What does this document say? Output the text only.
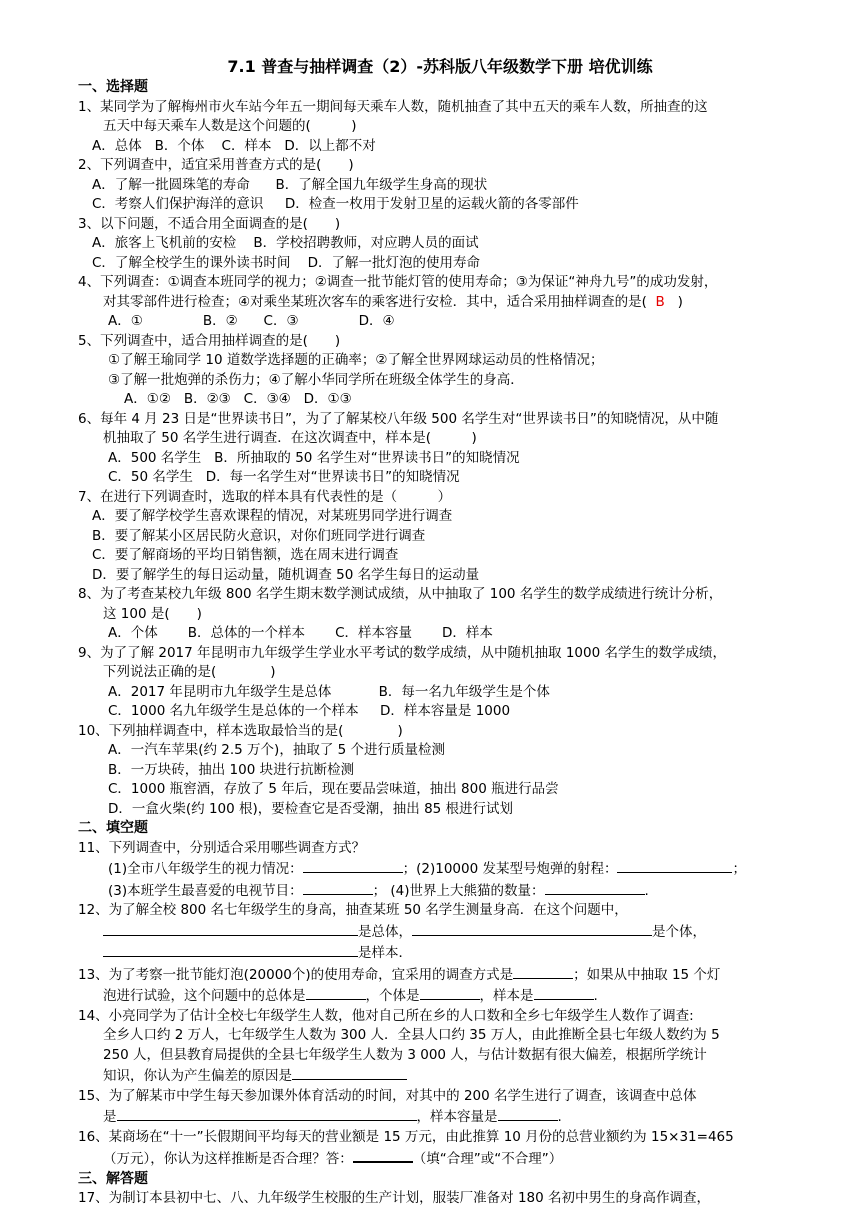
7.1 普查与抽样调查（2）-苏科版八年级数学下册 培优训练
一、选择题
1、某同学为了解梅州市火车站今年五一期间每天乘车人数，随机抽查了其中五天的乘车人数，所抽查的这
五天中每天乘车人数是这个问题的(　　　)
A．总体   B．个体    C．样本   D．以上都不对
2、下列调查中，适宜采用普查方式的是(　　)
A．了解一批圆珠笔的寿命      B．了解全国九年级学生身高的现状
C．考察人们保护海洋的意识     D．检查一枚用于发射卫星的运载火箭的各零部件
3、以下问题，不适合用全面调查的是(　　)
A．旅客上飞机前的安检    B．学校招聘教师，对应聘人员的面试
C．了解全校学生的课外读书时间    D．了解一批灯泡的使用寿命
4、下列调查：①调查本班同学的视力；②调查一批节能灯管的使用寿命；③为保证“神舟九号”的成功发射，
对其零部件进行检查；④对乘坐某班次客车的乘客进行安检．其中，适合采用抽样调查的是(  B   )
A．①              B．②      C．③              D．④
5、下列调查中，适合用抽样调查的是(　　)
①了解王瑜同学 10 道数学选择题的正确率；②了解全世界网球运动员的性格情况；
③了解一批炮弹的杀伤力；④了解小华同学所在班级全体学生的身高．
A．①②   B．②③   C．③④   D．①③
6、每年 4 月 23 日是“世界读书日”，为了了解某校八年级 500 名学生对“世界读书日”的知晓情况，从中随
机抽取了 50 名学生进行调查．在这次调查中，样本是(　　　)
A．500 名学生   B．所抽取的 50 名学生对“世界读书日”的知晓情况
C．50 名学生   D．每一名学生对“世界读书日”的知晓情况
7、在进行下列调查时，选取的样本具有代表性的是（　　　）
A．要了解学校学生喜欢课程的情况，对某班男同学进行调查
B．要了解某小区居民防火意识，对你们班同学进行调查
C．要了解商场的平均日销售额，选在周末进行调查
D．要了解学生的每日运动量，随机调查 50 名学生每日的运动量
8、为了考查某校九年级 800 名学生期末数学测试成绩，从中抽取了 100 名学生的数学成绩进行统计分析，
这 100 是(　　)
A．个体       B．总体的一个样本       C．样本容量       D．样本
9、为了了解 2017 年昆明市九年级学生学业水平考试的数学成绩，从中随机抽取 1000 名学生的数学成绩，
下列说法正确的是(　　　　)
A．2017 年昆明市九年级学生是总体           B．每一名九年级学生是个体
C．1000 名九年级学生是总体的一个样本     D．样本容量是 1000
10、下列抽样调查中，样本选取最恰当的是(　　　　)
A．一汽车苹果(约 2.5 万个)，抽取了 5 个进行质量检测
B．一万块砖，抽出 100 块进行抗断检测
C．1000 瓶窖酒，存放了 5 年后，现在要品尝味道，抽出 800 瓶进行品尝
D．一盒火柴(约 100 根)，要检查它是否受潮，抽出 85 根进行试划
二、填空题
11、下列调查中，分别适合采用哪些调查方式？
(1)全市八年级学生的视力情况：	；(2)10000 发某型号炮弹的射程：	；
(3)本班学生最喜爱的电视节目：	； (4)世界上大熊猫的数量：	.
12、为了解全校 800 名七年级学生的身高，抽查某班 50 名学生测量身高．在这个问题中，
是总体，	是个体，
是样本．
13、为了考察一批节能灯泡(20000个)的使用寿命，宜采用的调查方式是	；如果从中抽取 15 个灯
泡进行试验，这个问题中的总体是	，个体是	，样本是	.
14、小亮同学为了估计全校七年级学生人数，他对自己所在乡的人口数和全乡七年级学生人数作了调查:
全乡人口约 2 万人，七年级学生人数为 300 人．全县人口约 35 万人，由此推断全县七年级人数约为 5
250 人，但县教育局提供的全县七年级学生人数为 3 000 人，与估计数据有很大偏差，根据所学统计
知识，你认为产生偏差的原因是
15、为了解某市中学生每天参加课外体育活动的时间，对其中的 200 名学生进行了调查，该调查中总体
是	，样本容量是	.
16、某商场在“十一”长假期间平均每天的营业额是 15 万元，由此推算 10 月份的总营业额约为 15×31=465
（万元），你认为这样推断是否合理？答：	（填“合理”或“不合理”）
三、解答题
17、为制订本县初中七、八、九年级学生校服的生产计划，服装厂准备对 180 名初中男生的身高作调查，
